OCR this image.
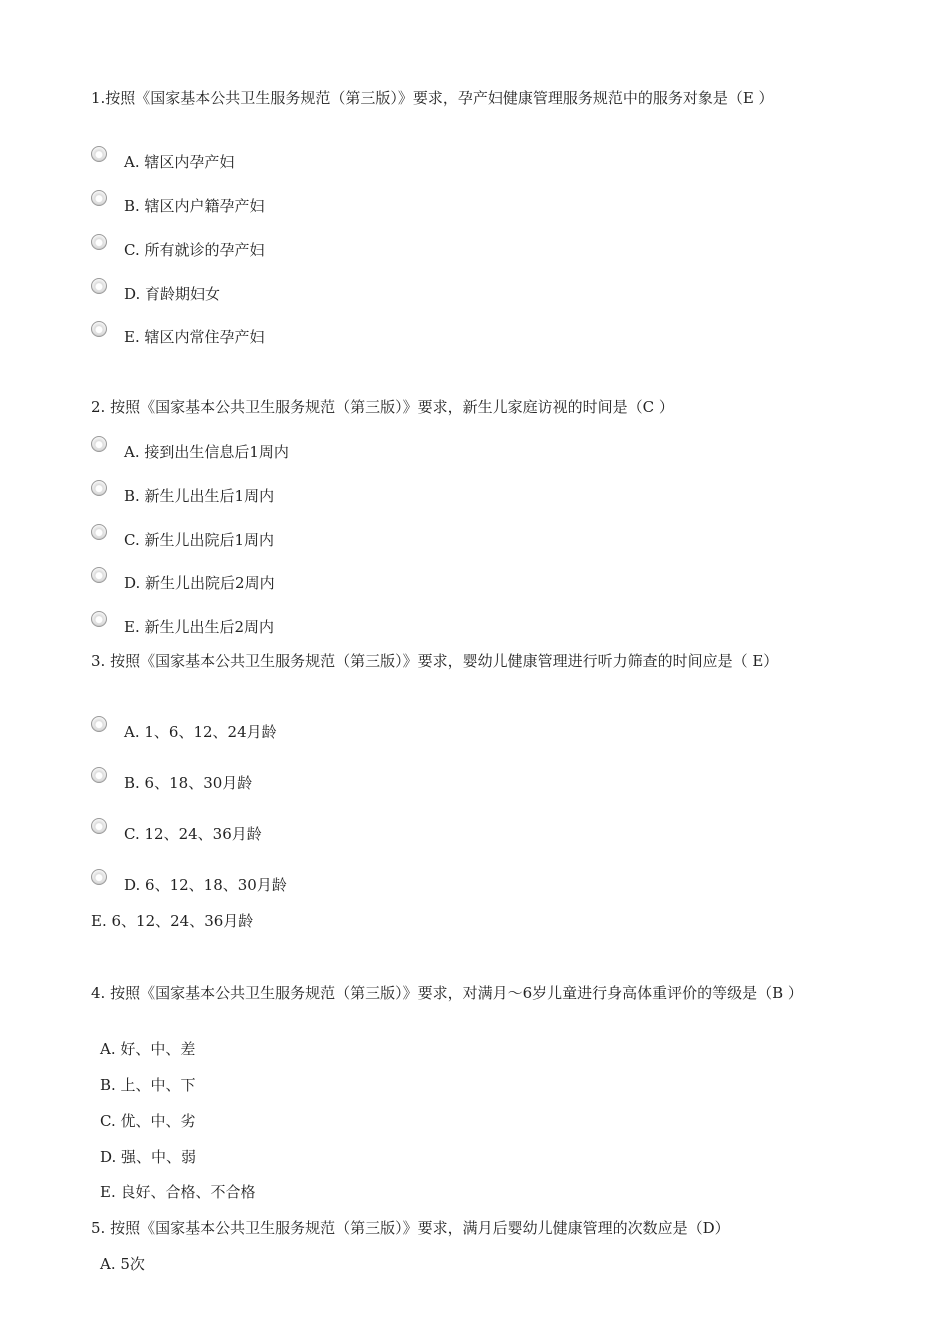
1.按照《国家基本公共卫生服务规范（第三版）》要求，孕产妇健康管理服务规范中的服务对象是（E ）

A. 辖区内孕产妇
B. 辖区内户籍孕产妇
C. 所有就诊的孕产妇
D. 育龄期妇女
E. 辖区内常住孕产妇

2. 按照《国家基本公共卫生服务规范（第三版）》要求，新生儿家庭访视的时间是（C ）

A. 接到出生信息后1周内
B. 新生儿出生后1周内
C. 新生儿出院后1周内
D. 新生儿出院后2周内
E. 新生儿出生后2周内

3. 按照《国家基本公共卫生服务规范（第三版）》要求，婴幼儿健康管理进行听力筛查的时间应是（ E）

A. 1、6、12、24月龄
B. 6、18、30月龄
C. 12、24、36月龄
D. 6、12、18、30月龄
E. 6、12、24、36月龄

4. 按照《国家基本公共卫生服务规范（第三版）》要求，对满月～6岁儿童进行身高体重评价的等级是（B ）

A. 好、中、差
B. 上、中、下
C. 优、中、劣
D. 强、中、弱
E. 良好、合格、不合格

5. 按照《国家基本公共卫生服务规范（第三版）》要求，满月后婴幼儿健康管理的次数应是（D）

A. 5次
